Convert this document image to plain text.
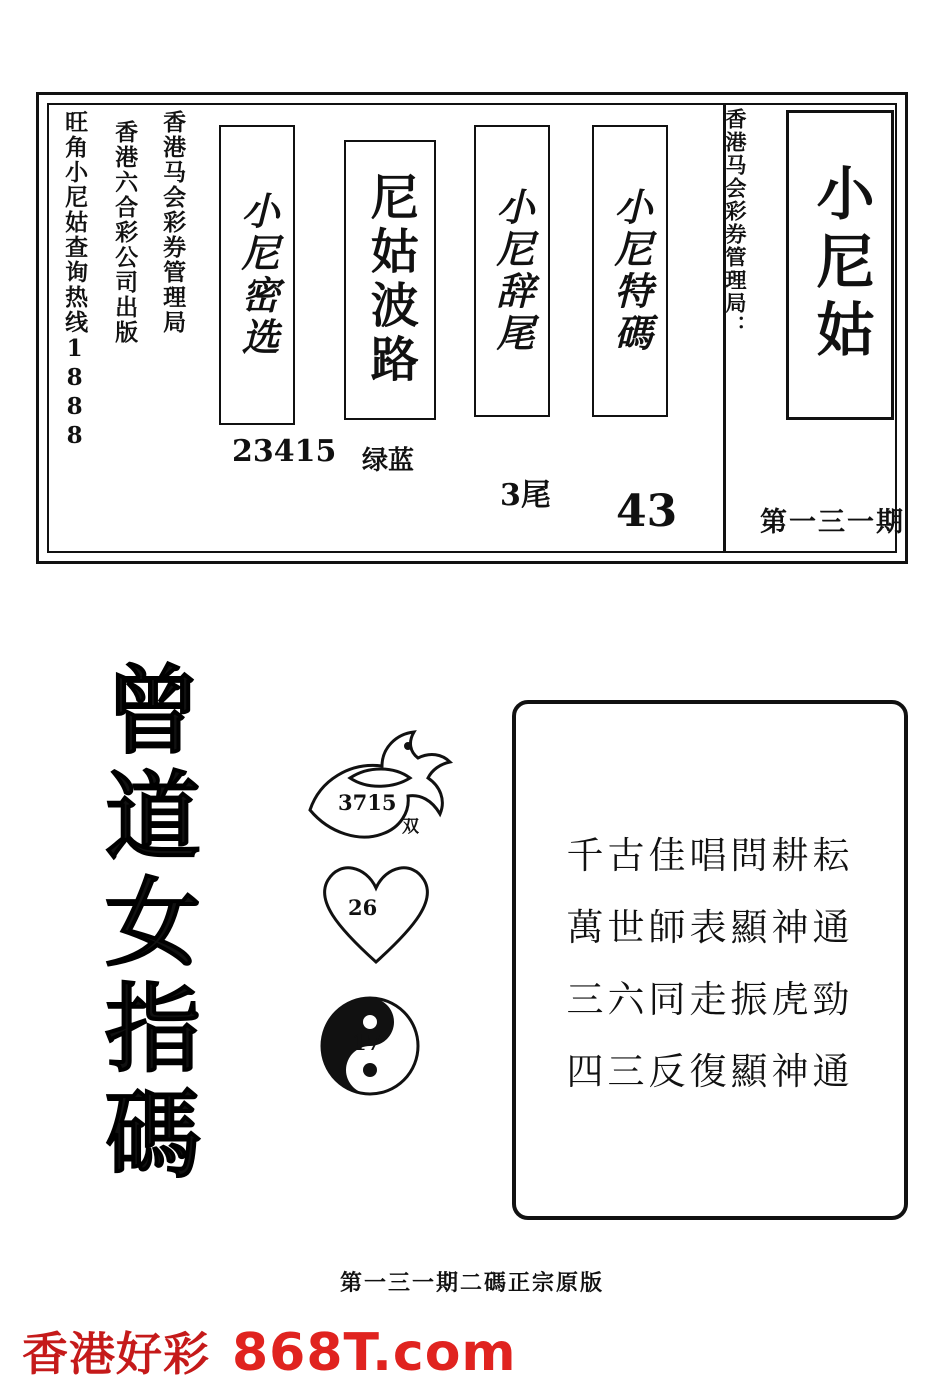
小尼姑
香港马会彩券管理局：
第一三一期
小尼特碼
43
小尼辞尾
3尾
尼姑波路
绿蓝
小尼密选
23415
香港马会彩券管理局
香港六合彩公司出版
旺角小尼姑查询热线1888
曾道女指碼	3715
双
26
17
千古佳唱問耕耘
萬世師表顯神通
三六同走振虎勁
四三反復顯神通
第一三一期二碼正宗原版
香港好彩 868T.com
